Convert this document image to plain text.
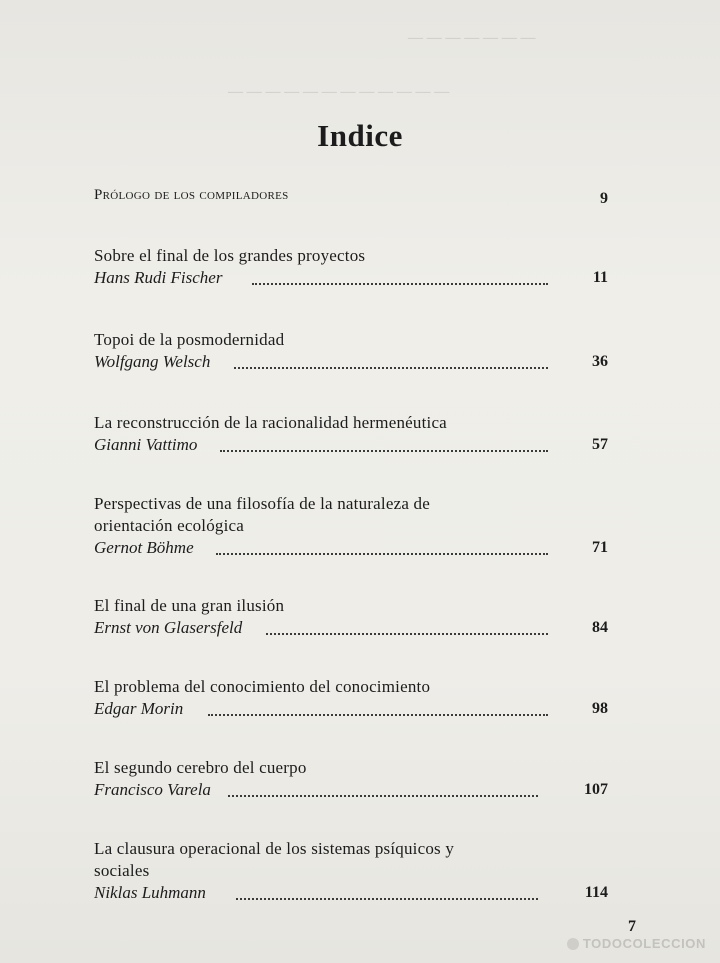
— — — — — — —
— — — — — — — — — — — —
Indice
Prólogo de los compiladores	9
Sobre el final de los grandes proyectos
Hans Rudi Fischer	11
Topoi de la posmodernidad
Wolfgang Welsch	36
La reconstrucción de la racionalidad hermenéutica
Gianni Vattimo	57
Perspectivas de una filosofía de la naturaleza de
orientación ecológica
Gernot Böhme	71
El final de una gran ilusión
Ernst von Glasersfeld	84
El problema del conocimiento del conocimiento
Edgar Morin	98
El segundo cerebro del cuerpo
Francisco Varela	107
La clausura operacional de los sistemas psíquicos y
sociales
Niklas Luhmann	114
7
TODOCOLECCION
